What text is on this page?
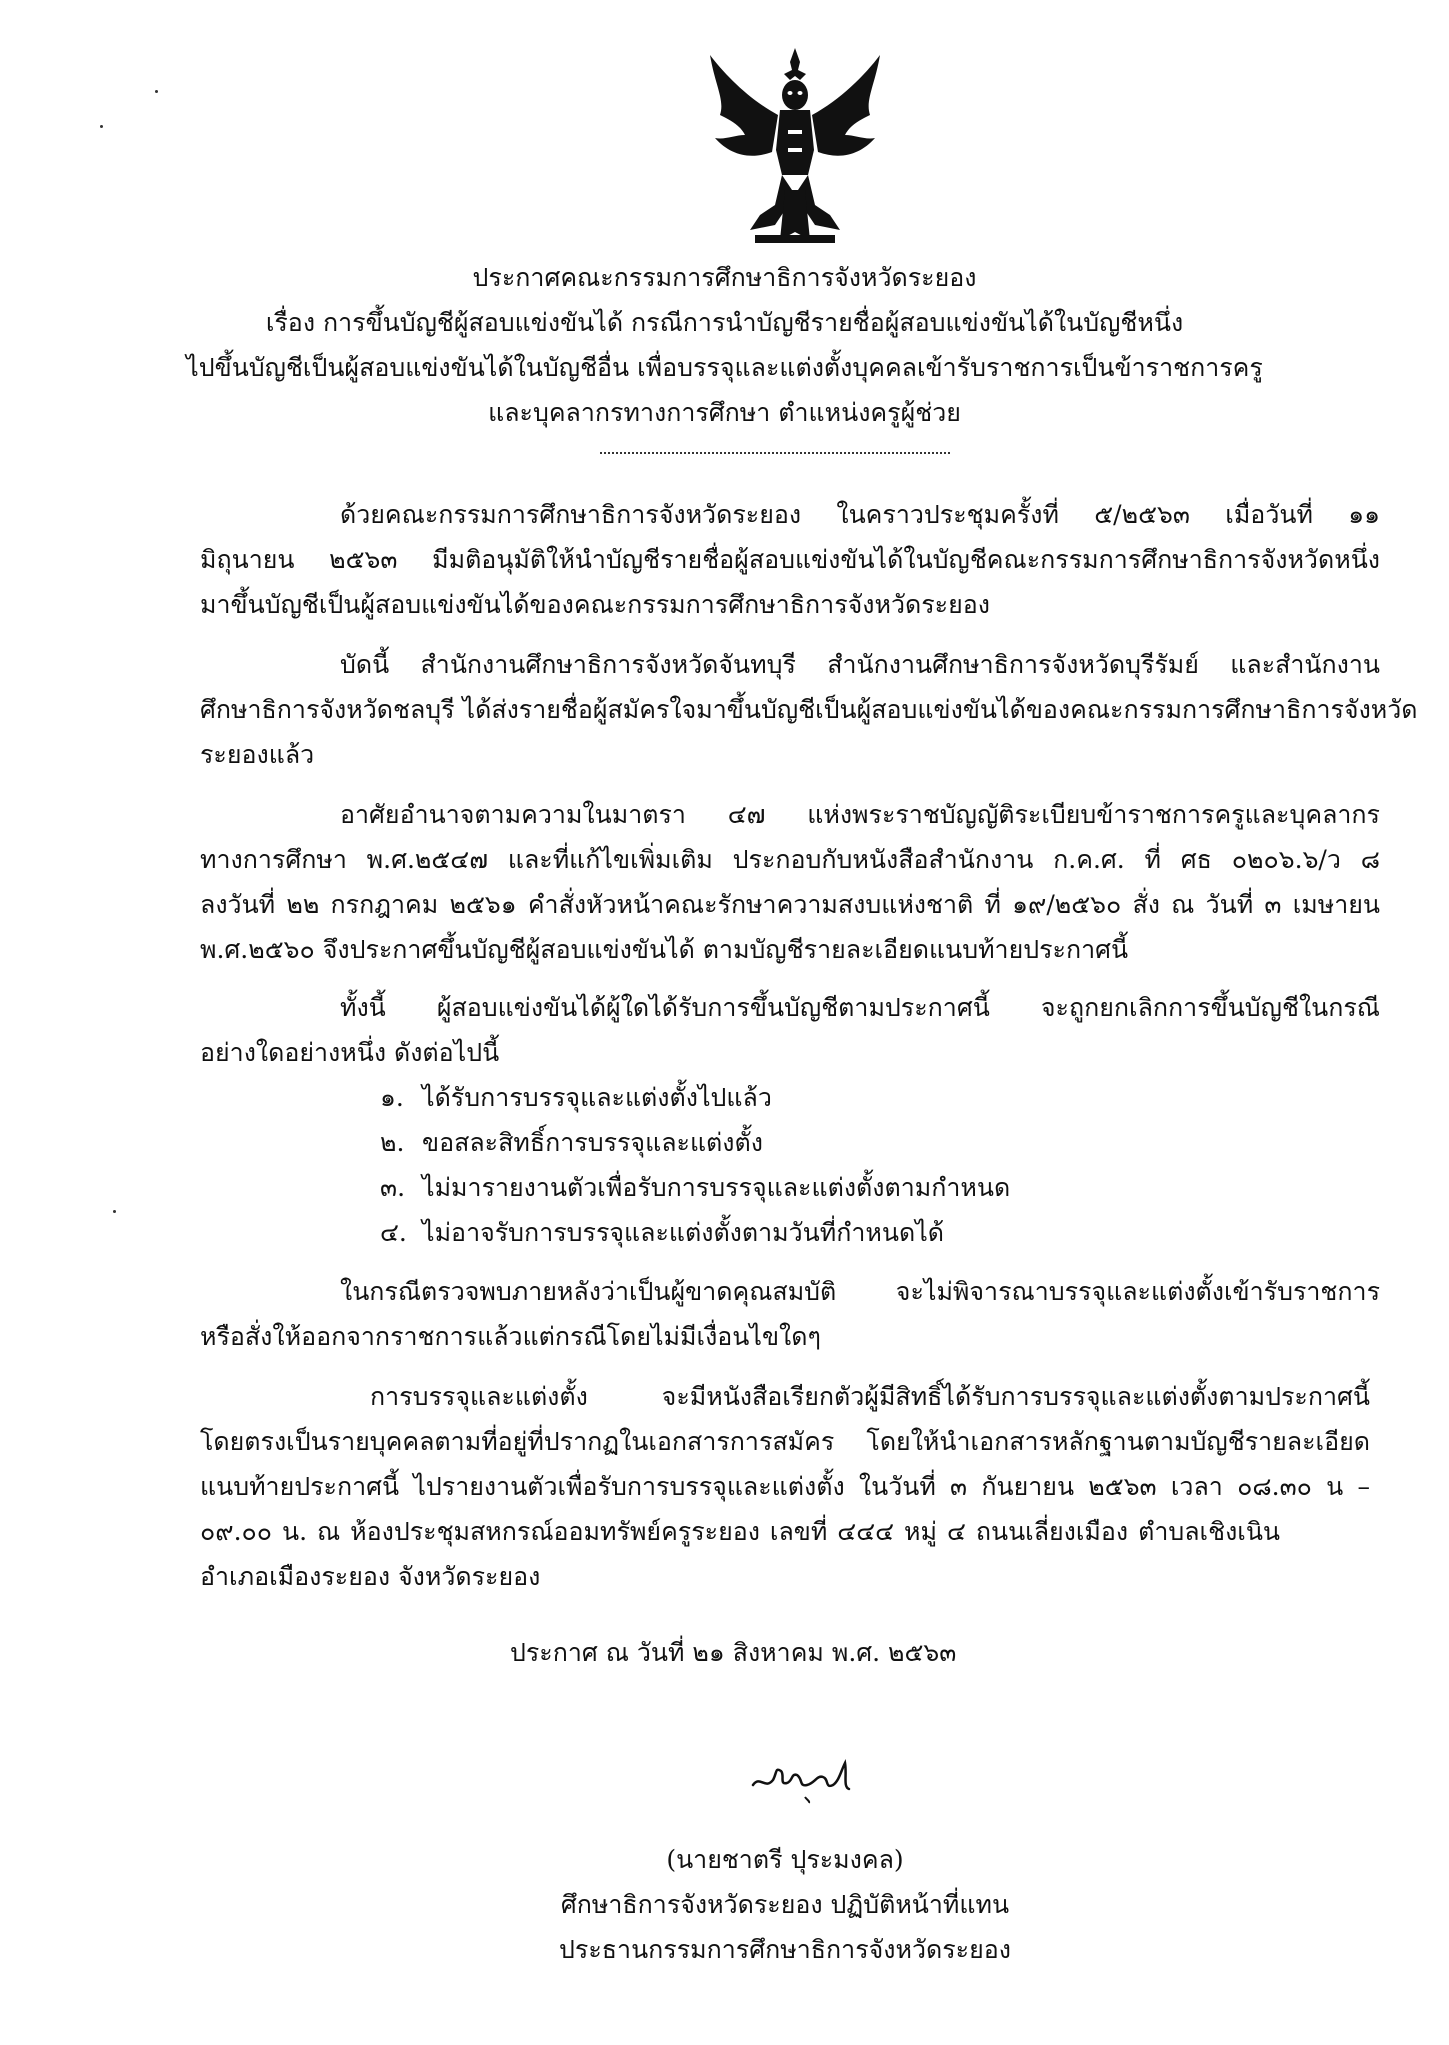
ประกาศคณะกรรมการศึกษาธิการจังหวัดระยอง
เรื่อง การขึ้นบัญชีผู้สอบแข่งขันได้ กรณีการนำบัญชีรายชื่อผู้สอบแข่งขันได้ในบัญชีหนึ่ง
ไปขึ้นบัญชีเป็นผู้สอบแข่งขันได้ในบัญชีอื่น เพื่อบรรจุและแต่งตั้งบุคคลเข้ารับราชการเป็นข้าราชการครู
และบุคลากรทางการศึกษา ตำแหน่งครูผู้ช่วย
ด้วยคณะกรรมการศึกษาธิการจังหวัดระยอง ในคราวประชุมครั้งที่ ๕/๒๕๖๓ เมื่อวันที่ ๑๑
มิถุนายน ๒๕๖๓ มีมติอนุมัติให้นำบัญชีรายชื่อผู้สอบแข่งขันได้ในบัญชีคณะกรรมการศึกษาธิการจังหวัดหนึ่ง
มาขึ้นบัญชีเป็นผู้สอบแข่งขันได้ของคณะกรรมการศึกษาธิการจังหวัดระยอง
บัดนี้ สำนักงานศึกษาธิการจังหวัดจันทบุรี สำนักงานศึกษาธิการจังหวัดบุรีรัมย์ และสำนักงาน
ศึกษาธิการจังหวัดชลบุรี ได้ส่งรายชื่อผู้สมัครใจมาขึ้นบัญชีเป็นผู้สอบแข่งขันได้ของคณะกรรมการศึกษาธิการจังหวัด
ระยองแล้ว
อาศัยอำนาจตามความในมาตรา ๔๗ แห่งพระราชบัญญัติระเบียบข้าราชการครูและบุคลากร
ทางการศึกษา พ.ศ.๒๕๔๗ และที่แก้ไขเพิ่มเติม ประกอบกับหนังสือสำนักงาน ก.ค.ศ. ที่ ศธ ๐๒๐๖.๖/ว ๘
ลงวันที่ ๒๒ กรกฎาคม ๒๕๖๑ คำสั่งหัวหน้าคณะรักษาความสงบแห่งชาติ ที่ ๑๙/๒๕๖๐ สั่ง ณ วันที่ ๓ เมษายน
พ.ศ.๒๕๖๐ จึงประกาศขึ้นบัญชีผู้สอบแข่งขันได้ ตามบัญชีรายละเอียดแนบท้ายประกาศนี้
ทั้งนี้ ผู้สอบแข่งขันได้ผู้ใดได้รับการขึ้นบัญชีตามประกาศนี้ จะถูกยกเลิกการขึ้นบัญชีในกรณี
อย่างใดอย่างหนึ่ง ดังต่อไปนี้
๑. ได้รับการบรรจุและแต่งตั้งไปแล้ว
๒. ขอสละสิทธิ์การบรรจุและแต่งตั้ง
๓. ไม่มารายงานตัวเพื่อรับการบรรจุและแต่งตั้งตามกำหนด
๔. ไม่อาจรับการบรรจุและแต่งตั้งตามวันที่กำหนดได้
ในกรณีตรวจพบภายหลังว่าเป็นผู้ขาดคุณสมบัติ จะไม่พิจารณาบรรจุและแต่งตั้งเข้ารับราชการ
หรือสั่งให้ออกจากราชการแล้วแต่กรณีโดยไม่มีเงื่อนไขใดๆ
การบรรจุและแต่งตั้ง จะมีหนังสือเรียกตัวผู้มีสิทธิ์ได้รับการบรรจุและแต่งตั้งตามประกาศนี้
โดยตรงเป็นรายบุคคลตามที่อยู่ที่ปรากฏในเอกสารการสมัคร โดยให้นำเอกสารหลักฐานตามบัญชีรายละเอียด
แนบท้ายประกาศนี้ ไปรายงานตัวเพื่อรับการบรรจุและแต่งตั้ง ในวันที่ ๓ กันยายน ๒๕๖๓ เวลา ๐๘.๓๐ น –
๐๙.๐๐ น. ณ ห้องประชุมสหกรณ์ออมทรัพย์ครูระยอง เลขที่ ๔๔๔ หมู่ ๔ ถนนเลี่ยงเมือง ตำบลเชิงเนิน
อำเภอเมืองระยอง จังหวัดระยอง
ประกาศ ณ วันที่ ๒๑ สิงหาคม พ.ศ. ๒๕๖๓
(นายชาตรี ปุระมงคล)
ศึกษาธิการจังหวัดระยอง ปฏิบัติหน้าที่แทน
ประธานกรรมการศึกษาธิการจังหวัดระยอง
